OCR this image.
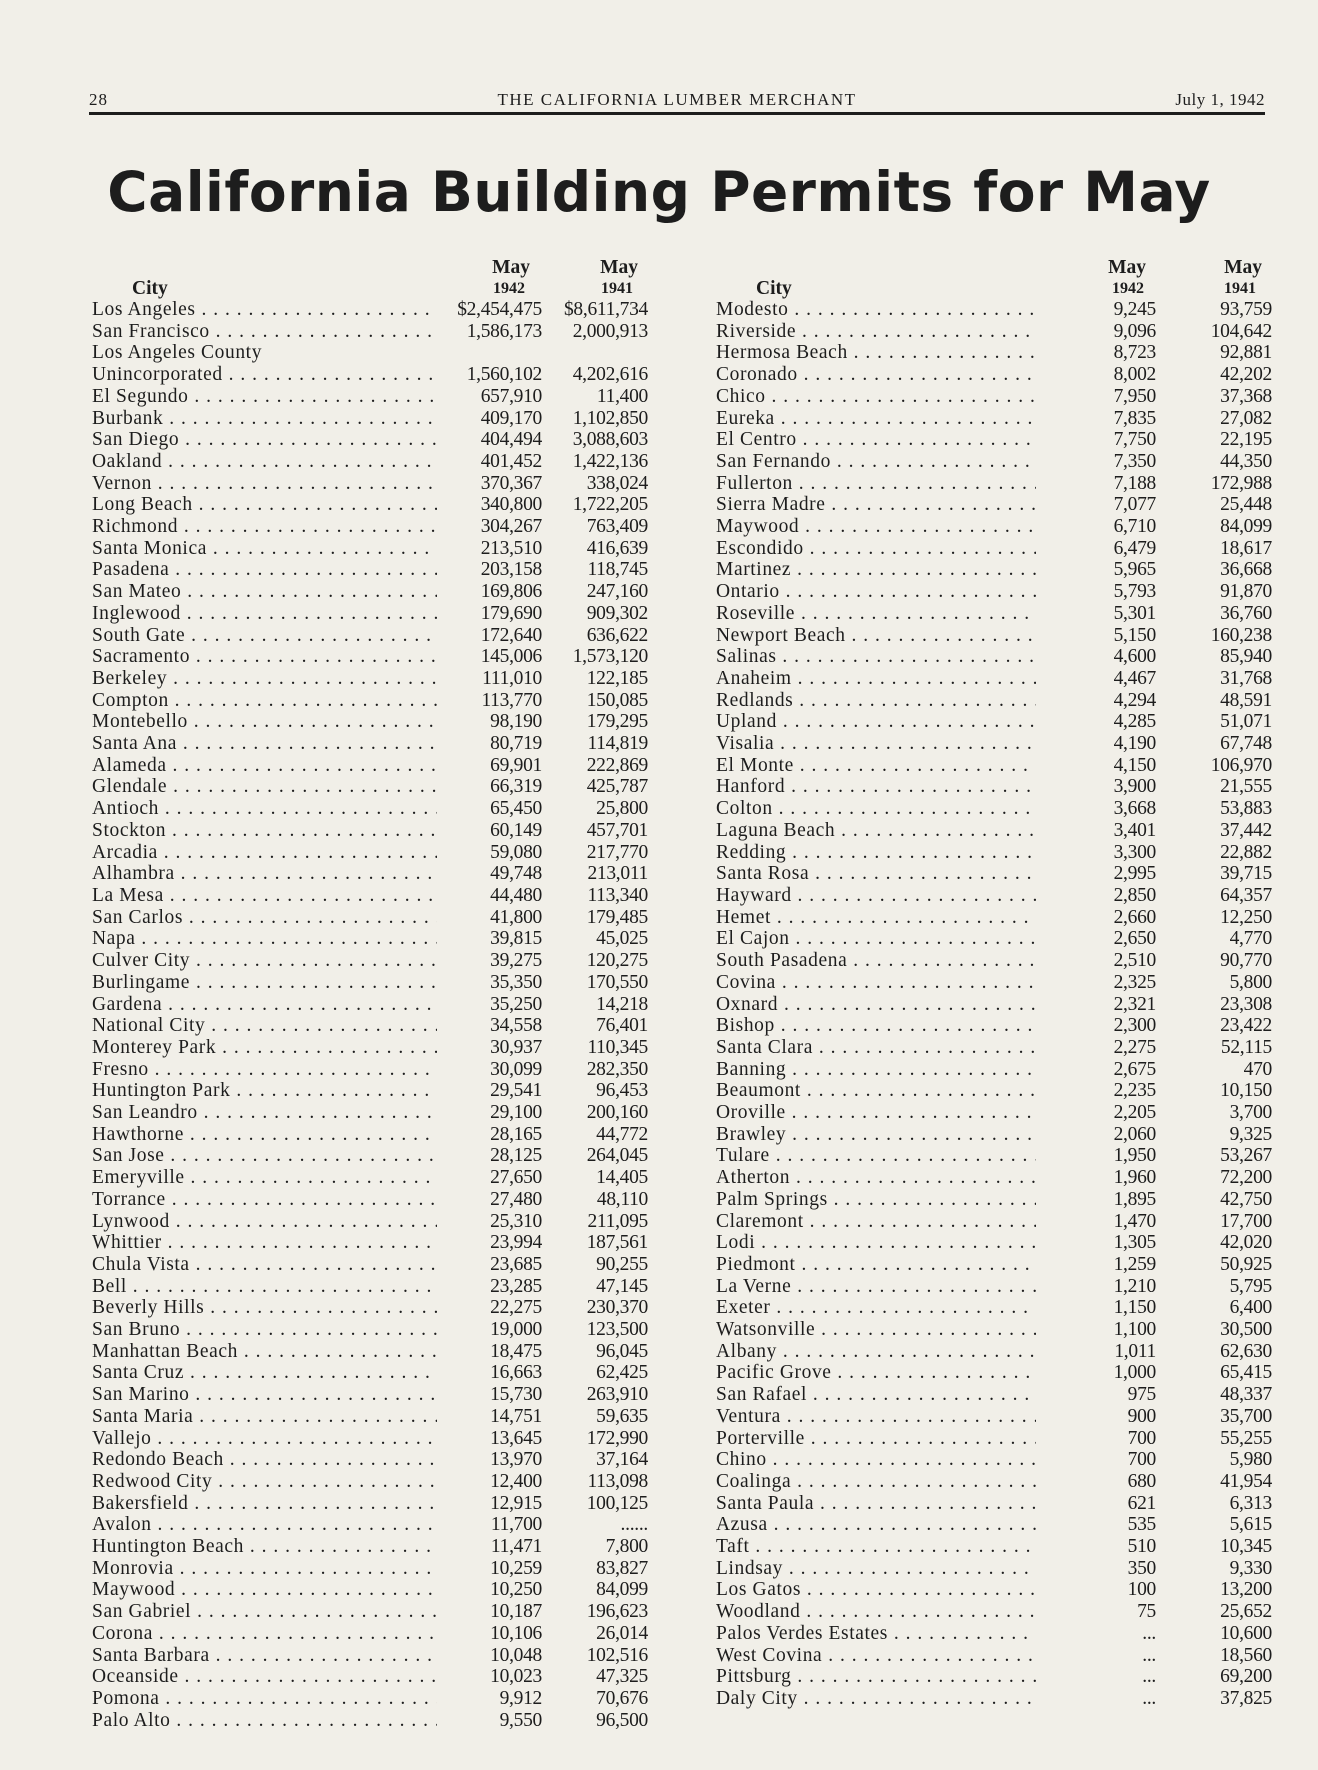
28	THE CALIFORNIA LUMBER MERCHANT	July 1, 1942
California Building Permits for May
City	May	May
	1942	1941
Los Angeles . . .	$2,454,475	$8,611,734
San Francisco . . .	1,586,173	2,000,913
Los Angeles County		
Unincorporated . . .	1,560,102	4,202,616
El Segundo . . .	657,910	11,400
Burbank . . .	409,170	1,102,850
San Diego . . .	404,494	3,088,603
Oakland . . .	401,452	1,422,136
Vernon . . .	370,367	338,024
Long Beach . . .	340,800	1,722,205
Richmond . . .	304,267	763,409
Santa Monica . . .	213,510	416,639
Pasadena . . .	203,158	118,745
San Mateo . . .	169,806	247,160
Inglewood . . .	179,690	909,302
South Gate . . .	172,640	636,622
Sacramento . . .	145,006	1,573,120
Berkeley . . .	111,010	122,185
Compton . . .	113,770	150,085
Montebello . . .	98,190	179,295
Santa Ana . . .	80,719	114,819
Alameda . . .	69,901	222,869
Glendale . . .	66,319	425,787
Antioch . . .	65,450	25,800
Stockton . . .	60,149	457,701
Arcadia . . .	59,080	217,770
Alhambra . . .	49,748	213,011
La Mesa . . .	44,480	113,340
San Carlos . . .	41,800	179,485
Napa . . .	39,815	45,025
Culver City . . .	39,275	120,275
Burlingame . . .	35,350	170,550
Gardena . . .	35,250	14,218
National City . . .	34,558	76,401
Monterey Park . . .	30,937	110,345
Fresno . . .	30,099	282,350
Huntington Park . . .	29,541	96,453
San Leandro . . .	29,100	200,160
Hawthorne . . .	28,165	44,772
San Jose . . .	28,125	264,045
Emeryville . . .	27,650	14,405
Torrance . . .	27,480	48,110
Lynwood . . .	25,310	211,095
Whittier . . .	23,994	187,561
Chula Vista . . .	23,685	90,255
Bell . . .	23,285	47,145
Beverly Hills . . .	22,275	230,370
San Bruno . . .	19,000	123,500
Manhattan Beach . . .	18,475	96,045
Santa Cruz . . .	16,663	62,425
San Marino . . .	15,730	263,910
Santa Maria . . .	14,751	59,635
Vallejo . . .	13,645	172,990
Redondo Beach . . .	13,970	37,164
Redwood City . . .	12,400	113,098
Bakersfield . . .	12,915	100,125
Avalon . . .	11,700	......
Huntington Beach . . .	11,471	7,800
Monrovia . . .	10,259	83,827
Maywood . . .	10,250	84,099
San Gabriel . . .	10,187	196,623
Corona . . .	10,106	26,014
Santa Barbara . . .	10,048	102,516
Oceanside . . .	10,023	47,325
Pomona . . .	9,912	70,676
Palo Alto . . .	9,550	96,500
City	May	May
	1942	1941
Modesto . . .	9,245	93,759
Riverside . . .	9,096	104,642
Hermosa Beach . . .	8,723	92,881
Coronado . . .	8,002	42,202
Chico . . .	7,950	37,368
Eureka . . .	7,835	27,082
El Centro . . .	7,750	22,195
San Fernando . . .	7,350	44,350
Fullerton . . .	7,188	172,988
Sierra Madre . . .	7,077	25,448
Maywood . . .	6,710	84,099
Escondido . . .	6,479	18,617
Martinez . . .	5,965	36,668
Ontario . . .	5,793	91,870
Roseville . . .	5,301	36,760
Newport Beach . . .	5,150	160,238
Salinas . . .	4,600	85,940
Anaheim . . .	4,467	31,768
Redlands . . .	4,294	48,591
Upland . . .	4,285	51,071
Visalia . . .	4,190	67,748
El Monte . . .	4,150	106,970
Hanford . . .	3,900	21,555
Colton . . .	3,668	53,883
Laguna Beach . . .	3,401	37,442
Redding . . .	3,300	22,882
Santa Rosa . . .	2,995	39,715
Hayward . . .	2,850	64,357
Hemet . . .	2,660	12,250
El Cajon . . .	2,650	4,770
South Pasadena . . .	2,510	90,770
Covina . . .	2,325	5,800
Oxnard . . .	2,321	23,308
Bishop . . .	2,300	23,422
Santa Clara . . .	2,275	52,115
Banning . . .	2,675	470
Beaumont . . .	2,235	10,150
Oroville . . .	2,205	3,700
Brawley . . .	2,060	9,325
Tulare . . .	1,950	53,267
Atherton . . .	1,960	72,200
Palm Springs . . .	1,895	42,750
Claremont . . .	1,470	17,700
Lodi . . .	1,305	42,020
Piedmont . . .	1,259	50,925
La Verne . . .	1,210	5,795
Exeter . . .	1,150	6,400
Watsonville . . .	1,100	30,500
Albany . . .	1,011	62,630
Pacific Grove . . .	1,000	65,415
San Rafael . . .	975	48,337
Ventura . . .	900	35,700
Porterville . . .	700	55,255
Chino . . .	700	5,980
Coalinga . . .	680	41,954
Santa Paula . . .	621	6,313
Azusa . . .	535	5,615
Taft . . .	510	10,345
Lindsay . . .	350	9,330
Los Gatos . . .	100	13,200
Woodland . . .	75	25,652
Palos Verdes Estates . . .	...	10,600
West Covina . . .	...	18,560
Pittsburg . . .	...	69,200
Daly City . . .	...	37,825
